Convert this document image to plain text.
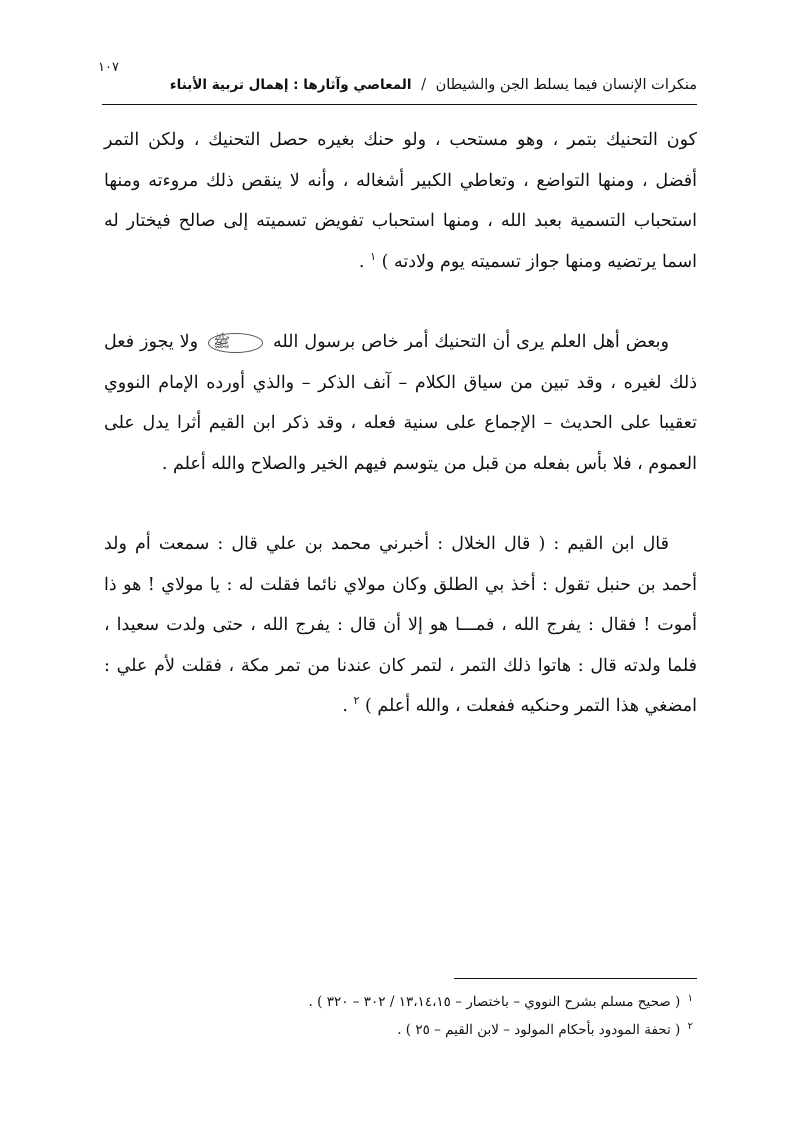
١٠٧
منكرات الإنسان فيما يسلط الجن والشيطان / المعاصي وآثارها : إهمال تربية الأبناء

كون التحنيك بتمر ، وهو مستحب ، ولو حنك بغيره حصل التحنيك ، ولكن التمر أفضل ، ومنها التواضع ، وتعاطي الكبير أشغاله ، وأنه لا ينقص ذلك مروءته ومنها استحباب التسمية بعبد الله ، ومنها استحباب تفويض تسميته إلى صالح فيختار له اسما يرتضيه ومنها جواز تسميته يوم ولادته ) $^١$ .

وبعض أهل العلم يرى أن التحنيك أمر خاص برسول الله ﷺ ولا يجوز فعل ذلك لغيره ، وقد تبين من سياق الكلام – آنف الذكر – والذي أورده الإمام النووي تعقيبا على الحديث – الإجماع على سنية فعله ، وقد ذكر ابن القيم أثرا يدل على العموم ، فلا بأس بفعله من قبل من يتوسم فيهم الخير والصلاح والله أعلم .

قال ابن القيم : ( قال الخلال : أخبرني محمد بن علي قال : سمعت أم ولد أحمد بن حنبل تقول : أخذ بي الطلق وكان مولاي نائما فقلت له : يا مولاي ! هو ذا أموت ! فقال : يفرج الله ، فمـــا هو إلا أن قال : يفرج الله ، حتى ولدت سعيدا ، فلما ولدته قال : هاتوا ذلك التمر ، لتمر كان عندنا من تمر مكة ، فقلت لأم علي : امضغي هذا التمر وحنكيه ففعلت ، والله أعلم ) $^٢$ .

$^١$ ( صحيح مسلم بشرح النووي – باختصار – ١٣،١٤،١٥ / ٣٠٢ – ٣٢٠ ) .
$^٢$ ( تحفة المودود بأحكام المولود – لابن القيم – ٢٥ ) .
